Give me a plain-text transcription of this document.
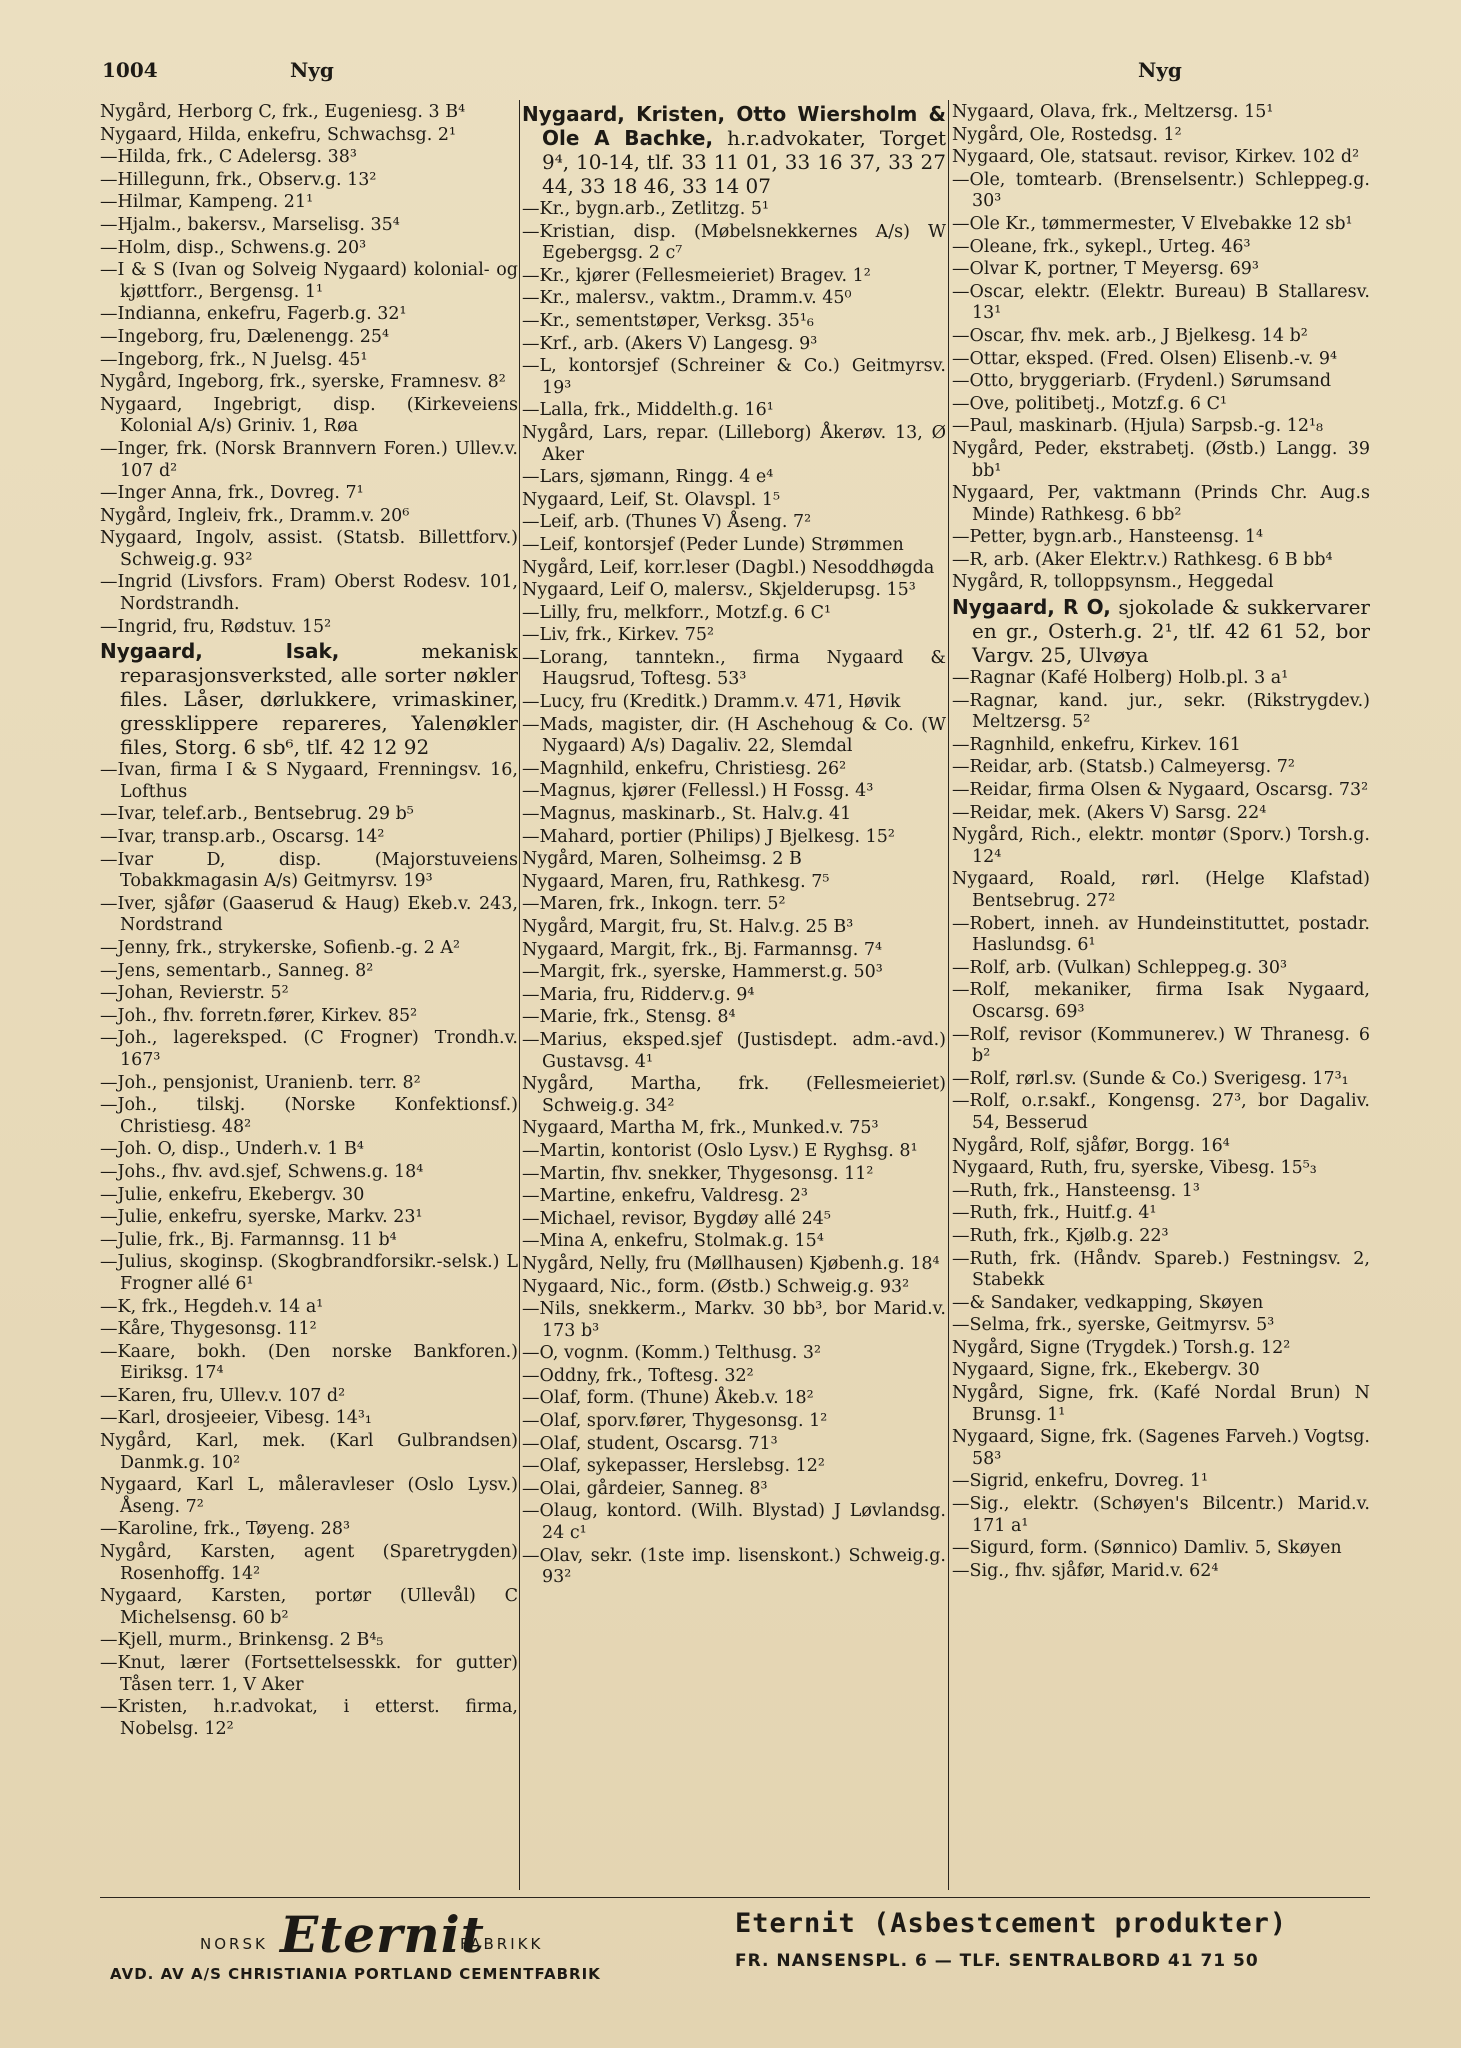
1004	Nyg	Nyg
Nygård, Herborg C, frk., Eugeniesg. 3 B⁴
Nygaard, Hilda, enkefru, Schwachsg. 2¹
—Hilda, frk., C Adelersg. 38³
—Hillegunn, frk., Observ.g. 13²
—Hilmar, Kampeng. 21¹
—Hjalm., bakersv., Marselisg. 35⁴
—Holm, disp., Schwens.g. 20³
—I & S (Ivan og Solveig Nygaard) kolonial- og kjøttforr., Bergensg. 1¹
—Indianna, enkefru, Fagerb.g. 32¹
—Ingeborg, fru, Dælenengg. 25⁴
—Ingeborg, frk., N Juelsg. 45¹
Nygård, Ingeborg, frk., syerske, Framnesv. 8²
Nygaard, Ingebrigt, disp. (Kirkeveiens Kolonial A/s) Griniv. 1, Røa
—Inger, frk. (Norsk Brannvern Foren.) Ullev.v. 107 d²
—Inger Anna, frk., Dovreg. 7¹
Nygård, Ingleiv, frk., Dramm.v. 20⁶
Nygaard, Ingolv, assist. (Statsb. Billettforv.) Schweig.g. 93²
—Ingrid (Livsfors. Fram) Oberst Rodesv. 101, Nordstrandh.
—Ingrid, fru, Rødstuv. 15²
Nygaard, Isak, mekanisk reparasjonsverksted, alle sorter nøkler files. Låser, dørlukkere, vrimaskiner, gressklippere repareres, Yalenøkler files, Storg. 6 sb⁶, tlf. 42 12 92
—Ivan, firma I & S Nygaard, Frenningsv. 16, Lofthus
—Ivar, telef.arb., Bentsebrug. 29 b⁵
—Ivar, transp.arb., Oscarsg. 14²
—Ivar D, disp. (Majorstuveiens Tobakkmagasin A/s) Geitmyrsv. 19³
—Iver, sjåfør (Gaaserud & Haug) Ekeb.v. 243, Nordstrand
—Jenny, frk., strykerske, Sofienb.-g. 2 A²
—Jens, sementarb., Sanneg. 8²
—Johan, Revierstr. 5²
—Joh., fhv. forretn.fører, Kirkev. 85²
—Joh., lagereksped. (C Frogner) Trondh.v. 167³
—Joh., pensjonist, Uranienb. terr. 8²
—Joh., tilskj. (Norske Konfektionsf.) Christiesg. 48²
—Joh. O, disp., Underh.v. 1 B⁴
—Johs., fhv. avd.sjef, Schwens.g. 18⁴
—Julie, enkefru, Ekebergv. 30
—Julie, enkefru, syerske, Markv. 23¹
—Julie, frk., Bj. Farmannsg. 11 b⁴
—Julius, skoginsp. (Skogbrandforsikr.-selsk.) L Frogner allé 6¹
—K, frk., Hegdeh.v. 14 a¹
—Kåre, Thygesonsg. 11²
—Kaare, bokh. (Den norske Bankforen.) Eiriksg. 17⁴
—Karen, fru, Ullev.v. 107 d²
—Karl, drosjeeier, Vibesg. 14³₁
Nygård, Karl, mek. (Karl Gulbrandsen) Danmk.g. 10²
Nygaard, Karl L, måleravleser (Oslo Lysv.) Åseng. 7²
—Karoline, frk., Tøyeng. 28³
Nygård, Karsten, agent (Sparetrygden) Rosenhoffg. 14²
Nygaard, Karsten, portør (Ullevål) C Michelsensg. 60 b²
—Kjell, murm., Brinkensg. 2 B⁴₅
—Knut, lærer (Fortsettelsesskk. for gutter) Tåsen terr. 1, V Aker
—Kristen, h.r.advokat, i etterst. firma, Nobelsg. 12²
Nygaard, Kristen, Otto Wiersholm & Ole A Bachke, h.r.advokater, Torget 9⁴, 10-14, tlf. 33 11 01, 33 16 37, 33 27 44, 33 18 46, 33 14 07
—Kr., bygn.arb., Zetlitzg. 5¹
—Kristian, disp. (Møbelsnekkernes A/s) W Egebergsg. 2 c⁷
—Kr., kjører (Fellesmeieriet) Bragev. 1²
—Kr., malersv., vaktm., Dramm.v. 45⁰
—Kr., sementstøper, Verksg. 35¹₆
—Krf., arb. (Akers V) Langesg. 9³
—L, kontorsjef (Schreiner & Co.) Geitmyrsv. 19³
—Lalla, frk., Middelth.g. 16¹
Nygård, Lars, repar. (Lilleborg) Åkerøv. 13, Ø Aker
—Lars, sjømann, Ringg. 4 e⁴
Nygaard, Leif, St. Olavspl. 1⁵
—Leif, arb. (Thunes V) Åseng. 7²
—Leif, kontorsjef (Peder Lunde) Strømmen
Nygård, Leif, korr.leser (Dagbl.) Nesoddhøgda
Nygaard, Leif O, malersv., Skjelderupsg. 15³
—Lilly, fru, melkforr., Motzf.g. 6 C¹
—Liv, frk., Kirkev. 75²
—Lorang, tanntekn., firma Nygaard & Haugsrud, Toftesg. 53³
—Lucy, fru (Kreditk.) Dramm.v. 471, Høvik
—Mads, magister, dir. (H Aschehoug & Co. (W Nygaard) A/s) Dagaliv. 22, Slemdal
—Magnhild, enkefru, Christiesg. 26²
—Magnus, kjører (Fellessl.) H Fossg. 4³
—Magnus, maskinarb., St. Halv.g. 41
—Mahard, portier (Philips) J Bjelkesg. 15²
Nygård, Maren, Solheimsg. 2 B
Nygaard, Maren, fru, Rathkesg. 7⁵
—Maren, frk., Inkogn. terr. 5²
Nygård, Margit, fru, St. Halv.g. 25 B³
Nygaard, Margit, frk., Bj. Farmannsg. 7⁴
—Margit, frk., syerske, Hammerst.g. 50³
—Maria, fru, Ridderv.g. 9⁴
—Marie, frk., Stensg. 8⁴
—Marius, eksped.sjef (Justisdept. adm.-avd.) Gustavsg. 4¹
Nygård, Martha, frk. (Fellesmeieriet) Schweig.g. 34²
Nygaard, Martha M, frk., Munked.v. 75³
—Martin, kontorist (Oslo Lysv.) E Ryghsg. 8¹
—Martin, fhv. snekker, Thygesonsg. 11²
—Martine, enkefru, Valdresg. 2³
—Michael, revisor, Bygdøy allé 24⁵
—Mina A, enkefru, Stolmak.g. 15⁴
Nygård, Nelly, fru (Møllhausen) Kjøbenh.g. 18⁴
Nygaard, Nic., form. (Østb.) Schweig.g. 93²
—Nils, snekkerm., Markv. 30 bb³, bor Marid.v. 173 b³
—O, vognm. (Komm.) Telthusg. 3²
—Oddny, frk., Toftesg. 32²
—Olaf, form. (Thune) Åkeb.v. 18²
—Olaf, sporv.fører, Thygesonsg. 1²
—Olaf, student, Oscarsg. 71³
—Olaf, sykepasser, Herslebsg. 12²
—Olai, gårdeier, Sanneg. 8³
—Olaug, kontord. (Wilh. Blystad) J Løvlandsg. 24 c¹
—Olav, sekr. (1ste imp. lisenskont.) Schweig.g. 93²
Nygaard, Olava, frk., Meltzersg. 15¹
Nygård, Ole, Rostedsg. 1²
Nygaard, Ole, statsaut. revisor, Kirkev. 102 d²
—Ole, tomtearb. (Brenselsentr.) Schleppeg.g. 30³
—Ole Kr., tømmermester, V Elvebakke 12 sb¹
—Oleane, frk., sykepl., Urteg. 46³
—Olvar K, portner, T Meyersg. 69³
—Oscar, elektr. (Elektr. Bureau) B Stallaresv. 13¹
—Oscar, fhv. mek. arb., J Bjelkesg. 14 b²
—Ottar, eksped. (Fred. Olsen) Elisenb.-v. 9⁴
—Otto, bryggeriarb. (Frydenl.) Sørumsand
—Ove, politibetj., Motzf.g. 6 C¹
—Paul, maskinarb. (Hjula) Sarpsb.-g. 12¹₈
Nygård, Peder, ekstrabetj. (Østb.) Langg. 39 bb¹
Nygaard, Per, vaktmann (Prinds Chr. Aug.s Minde) Rathkesg. 6 bb²
—Petter, bygn.arb., Hansteensg. 1⁴
—R, arb. (Aker Elektr.v.) Rathkesg. 6 B bb⁴
Nygård, R, tolloppsynsm., Heggedal
Nygaard, R O, sjokolade & sukkervarer en gr., Osterh.g. 2¹, tlf. 42 61 52, bor Vargv. 25, Ulvøya
—Ragnar (Kafé Holberg) Holb.pl. 3 a¹
—Ragnar, kand. jur., sekr. (Rikstrygdev.) Meltzersg. 5²
—Ragnhild, enkefru, Kirkev. 161
—Reidar, arb. (Statsb.) Calmeyersg. 7²
—Reidar, firma Olsen & Nygaard, Oscarsg. 73²
—Reidar, mek. (Akers V) Sarsg. 22⁴
Nygård, Rich., elektr. montør (Sporv.) Torsh.g. 12⁴
Nygaard, Roald, rørl. (Helge Klafstad) Bentsebrug. 27²
—Robert, inneh. av Hundeinstituttet, postadr. Haslundsg. 6¹
—Rolf, arb. (Vulkan) Schleppeg.g. 30³
—Rolf, mekaniker, firma Isak Nygaard, Oscarsg. 69³
—Rolf, revisor (Kommunerev.) W Thranesg. 6 b²
—Rolf, rørl.sv. (Sunde & Co.) Sverigesg. 17³₁
—Rolf, o.r.sakf., Kongensg. 27³, bor Dagaliv. 54, Besserud
Nygård, Rolf, sjåfør, Borgg. 16⁴
Nygaard, Ruth, fru, syerske, Vibesg. 15⁵₃
—Ruth, frk., Hansteensg. 1³
—Ruth, frk., Huitf.g. 4¹
—Ruth, frk., Kjølb.g. 22³
—Ruth, frk. (Håndv. Spareb.) Festningsv. 2, Stabekk
—& Sandaker, vedkapping, Skøyen
—Selma, frk., syerske, Geitmyrsv. 5³
Nygård, Signe (Trygdek.) Torsh.g. 12²
Nygaard, Signe, frk., Ekebergv. 30
Nygård, Signe, frk. (Kafé Nordal Brun) N Brunsg. 1¹
Nygaard, Signe, frk. (Sagenes Farveh.) Vogtsg. 58³
—Sigrid, enkefru, Dovreg. 1¹
—Sig., elektr. (Schøyen's Bilcentr.) Marid.v. 171 a¹
—Sigurd, form. (Sønnico) Damliv. 5, Skøyen
—Sig., fhv. sjåfør, Marid.v. 62⁴
NORSK Eternit
FABRIKK
AVD. AV A/S CHRISTIANIA PORTLAND CEMENTFABRIK
Eternit (Asbestcement produkter)
FR. NANSENSPL. 6 — TLF. SENTRALBORD 41 71 50
